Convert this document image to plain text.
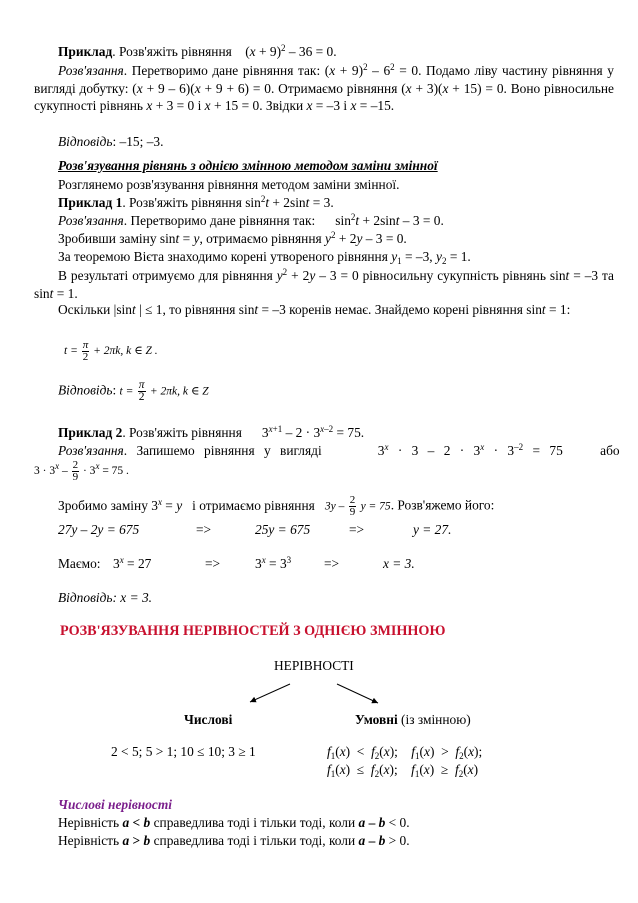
Приклад. Розв'яжіть рівняння $(x + 9)^2 - 36 = 0$.
Розв'язання. Перетворимо дане рівняння так: $(x + 9)^2 - 6^2 = 0$. Подамо ліву частину рівняння у вигляді добутку: (x + 9 – 6)(x + 9 + 6) = 0. Отримаємо рівняння (x + 3)(x + 15) = 0. Воно рівносильне сукупності рівнянь x + 3 = 0 і x + 15 = 0. Звідки x = –3 і x = –15.
Відповідь: –15; –3.
Розв'язування рівнянь з однією змінною методом заміни змінної
Розглянемо розв'язування рівняння методом заміни змінної.
Приклад 1. Розв'яжіть рівняння $\sin^2t + 2\sin t = 3$.
Розв'язання. Перетворимо дане рівняння так:      $\sin^2t + 2\sin t - 3 = 0$.
Зробивши заміну sint = y, отримаємо рівняння $y^2 + 2y - 3 = 0$.
За теоремою Вієта знаходимо корені утвореного рівняння $y_1 = -3$, $y_2 = 1$.
В результаті отримуємо для рівняння $y^2 + 2y - 3 = 0$ рівносильну сукупність рівнянь sint = –3 та sint = 1.
Оскільки |sint | ≤ 1, то рівняння sint = –3 коренів немає. Знайдемо корені рівняння sint = 1:
$t = \frac{\pi}{2} + 2\pi k$, k ∈ Z .
Відповідь: $t = \frac{\pi}{2} + 2\pi k$, k ∈ Z
Приклад 2. Розв'яжіть рівняння      $3^{x+1} - 2 \cdot 3^{x-2} = 75$.
Розв'язання. Запишемо рівняння у вигляді      $3^x \cdot 3 - 2 \cdot 3^x \cdot 3^{-2} = 75$    або
$3 \cdot 3^x - \frac{2}{9} \cdot 3^x = 75$ .
Зробимо заміну $3^x = y$   і отримаємо рівняння   $3y - \frac{2}{9}$ y = 75. Розв'яжемо його:
27y – 2y = 675	=>	25y = 675	=>	y = 27.
Маємо: $3^x = 27$	=>	$3^x = 3^3$ =>	x = 3.
Відповідь: x = 3.
РОЗВ'ЯЗУВАННЯ НЕРІВНОСТЕЙ З ОДНІЄЮ ЗМІННОЮ
НЕРІВНОСТІ
Числові	Умовні (із змінною)
2 < 5; 5 > 1; 10 ≤ 10; 3 ≥ 1	$f_1(x) < f_2(x)$;    $f_1(x) > f_2(x)$;
$f_1(x) \le f_2(x)$;    $f_1(x) \ge f_2(x)$
Числові нерівності
Нерівність a < b справедлива тоді і тільки тоді, коли a – b < 0.
Нерівність a > b справедлива тоді і тільки тоді, коли a – b > 0.
